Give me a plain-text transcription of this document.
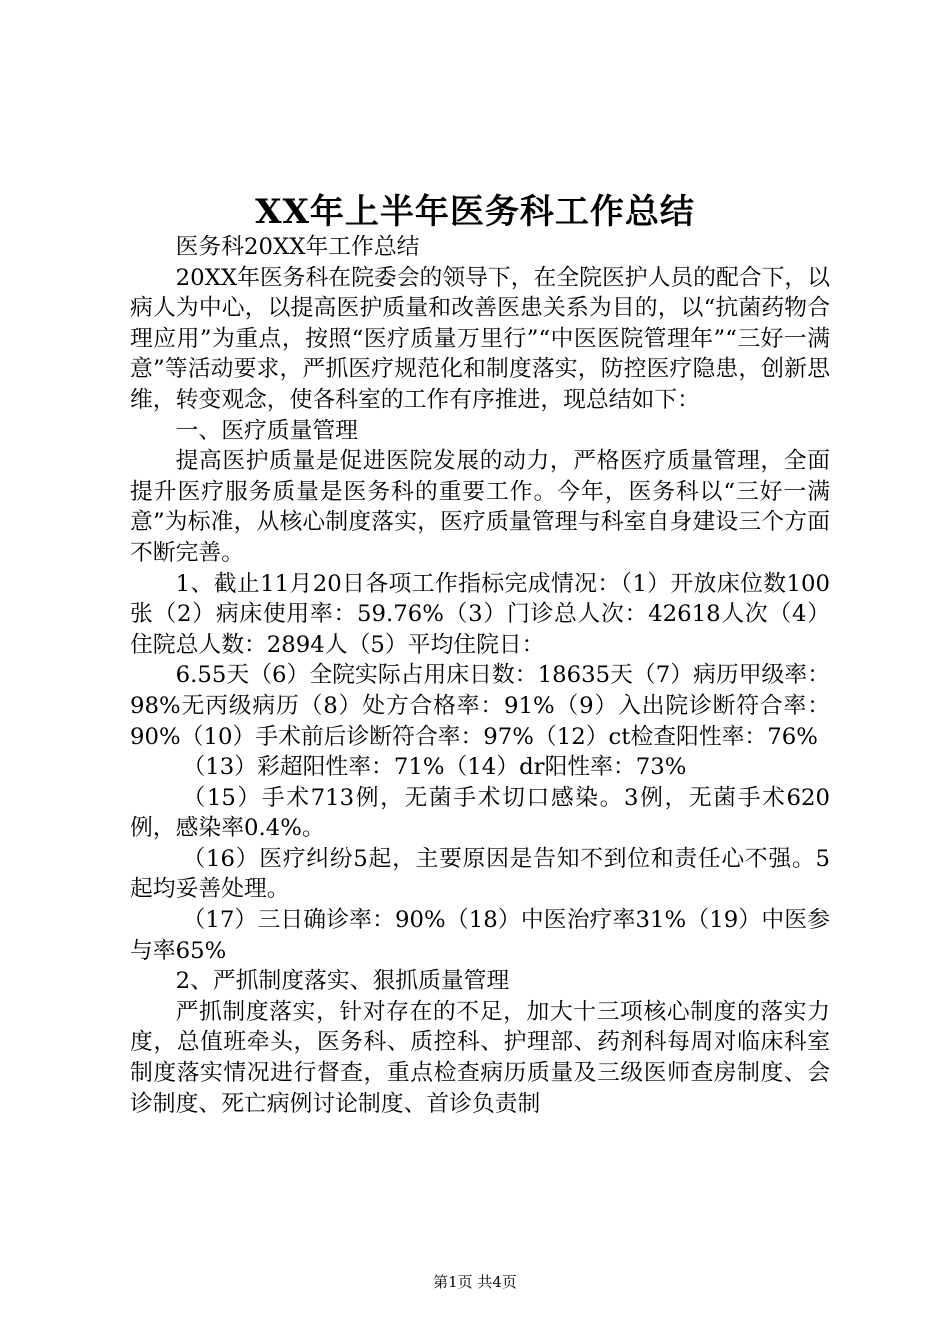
XX年上半年医务科工作总结

医务科20XX年工作总结

20XX年医务科在院委会的领导下，在全院医护人员的配合下，以病人为中心，以提高医护质量和改善医患关系为目的，以“抗菌药物合理应用”为重点，按照“医疗质量万里行”“中医医院管理年”“三好一满意”等活动要求，严抓医疗规范化和制度落实，防控医疗隐患，创新思维，转变观念，使各科室的工作有序推进，现总结如下：

一、医疗质量管理

提高医护质量是促进医院发展的动力，严格医疗质量管理，全面提升医疗服务质量是医务科的重要工作。今年，医务科以“三好一满意”为标准，从核心制度落实，医疗质量管理与科室自身建设三个方面不断完善。

1、截止11月20日各项工作指标完成情况：（1）开放床位数100张（2）病床使用率：59.76%（3）门诊总人次：42618人次（4）住院总人数：2894人（5）平均住院日：

6.55天（6）全院实际占用床日数：18635天（7）病历甲级率：98%无丙级病历（8）处方合格率：91%（9）入出院诊断符合率：90%（10）手术前后诊断符合率：97%（12）ct检查阳性率：76%

（13）彩超阳性率：71%（14）dr阳性率：73%

（15）手术713例，无菌手术切口感染。3例，无菌手术620例，感染率0.4%。

（16）医疗纠纷5起，主要原因是告知不到位和责任心不强。5起均妥善处理。

（17）三日确诊率：90%（18）中医治疗率31%（19）中医参与率65%

2、严抓制度落实、狠抓质量管理

严抓制度落实，针对存在的不足，加大十三项核心制度的落实力度，总值班牵头，医务科、质控科、护理部、药剂科每周对临床科室制度落实情况进行督查，重点检查病历质量及三级医师查房制度、会诊制度、死亡病例讨论制度、首诊负责制

第1页 共4页
